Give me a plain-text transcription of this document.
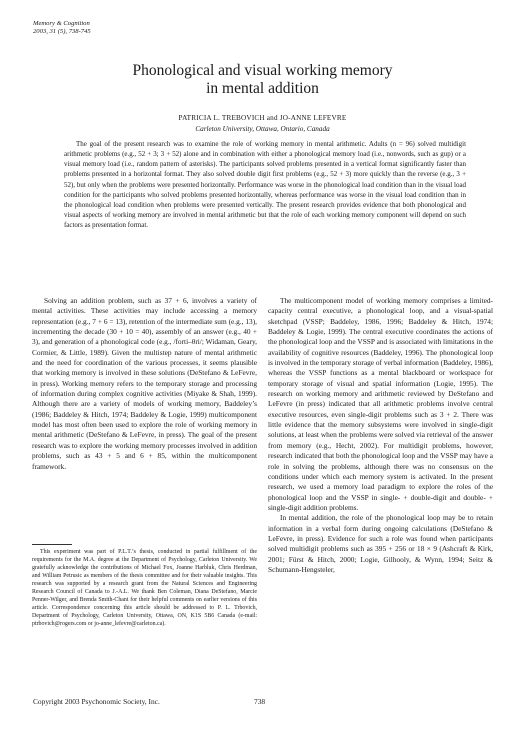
Memory & Cognition
2003, 31 (5), 738-745
Phonological and visual working memory
in mental addition
PATRICIA L. TREBOVICH and JO-ANNE LEFEVRE
Carleton University, Ottawa, Ontario, Canada

The goal of the present research was to examine the role of working memory in mental arithmetic. Adults (n = 96) solved multidigit arithmetic problems (e.g., 52 + 3; 3 + 52) alone and in combination with either a phonological memory load (i.e., nonwords, such as gup) or a visual memory load (i.e., random pattern of asterisks). The participants solved problems presented in a vertical format significantly faster than problems presented in a horizontal format. They also solved double digit first problems (e.g., 52 + 3) more quickly than the reverse (e.g., 3 + 52), but only when the problems were presented horizontally. Performance was worse in the phonological load condition than in the visual load condition for the participants who solved problems presented horizontally, whereas performance was worse in the visual load condition than in the phonological load condition when problems were presented vertically. The present research provides evidence that both phonological and visual aspects of working memory are involved in mental arithmetic but that the role of each working memory component will depend on such factors as presentation format.

Solving an addition problem, such as 37 + 6, involves a variety of mental activities. These activities may include accessing a memory representation (e.g., 7 + 6 = 13), retention of the intermediate sum (e.g., 13), incrementing the decade (30 + 10 = 40), assembly of an answer (e.g., 40 + 3), and generation of a phonological code (e.g., /forti–θri/; Widaman, Geary, Cormier, & Little, 1989). Given the multistep nature of mental arithmetic and the need for coordination of the various processes, it seems plausible that working memory is involved in these solutions (DeStefano & LeFevre, in press). Working memory refers to the temporary storage and processing of information during complex cognitive activities (Miyake & Shah, 1999). Although there are a variety of models of working memory, Baddeley’s (1986; Baddeley & Hitch, 1974; Baddeley & Logie, 1999) multicomponent model has most often been used to explore the role of working memory in mental arithmetic (DeStefano & LeFevre, in press). The goal of the present research was to explore the working memory processes involved in addition problems, such as 43 + 5 and 6 + 85, within the multicomponent framework.

The multicomponent model of working memory comprises a limited-capacity central executive, a phonological loop, and a visual-spatial sketchpad (VSSP; Baddeley, 1986, 1996; Baddeley & Hitch, 1974; Baddeley & Logie, 1999). The central executive coordinates the actions of the phonological loop and the VSSP and is associated with limitations in the availability of cognitive resources (Baddeley, 1996). The phonological loop is involved in the temporary storage of verbal information (Baddeley, 1986), whereas the VSSP functions as a mental blackboard or workspace for temporary storage of visual and spatial information (Logie, 1995). The research on working memory and arithmetic reviewed by DeStefano and LeFevre (in press) indicated that all arithmetic problems involve central executive resources, even single-digit problems such as 3 + 2. There was little evidence that the memory subsystems were involved in single-digit solutions, at least when the problems were solved via retrieval of the answer from memory (e.g., Hecht, 2002). For multidigit problems, however, research indicated that both the phonological loop and the VSSP may have a role in solving the problems, although there was no consensus on the conditions under which each memory system is activated. In the present research, we used a memory load paradigm to explore the roles of the phonological loop and the VSSP in single- + double-digit and double- + single-digit addition problems.

In mental addition, the role of the phonological loop may be to retain information in a verbal form during ongoing calculations (DeStefano & LeFevre, in press). Evidence for such a role was found when participants solved multidigit problems such as 395 + 256 or 18 × 9 (Ashcraft & Kirk, 2001; Fürst & Hitch, 2000; Logie, Gilhooly, & Wynn, 1994; Seitz & Schumann-Hengsteler,

This experiment was part of P.L.T.’s thesis, conducted in partial fulfillment of the requirements for the M.A. degree at the Department of Psychology, Carleton University. We gratefully acknowledge the contributions of Michael Fox, Joanne Harbluk, Chris Herdman, and William Petrusic as members of the thesis committee and for their valuable insights. This research was supported by a research grant from the Natural Sciences and Engineering Research Council of Canada to J.-A.L. We thank Ben Coleman, Diana DeStefano, Marcie Penner-Wilger, and Brenda Smith-Chant for their helpful comments on earlier versions of this article. Correspondence concerning this article should be addressed to P. L. Trbovich, Department of Psychology, Carleton University, Ottawa, ON, K1S 5B6 Canada (e-mail: ptrbovich@rogers.com or jo-anne_lefevre@carleton.ca).

Copyright 2003 Psychonomic Society, Inc.	738
